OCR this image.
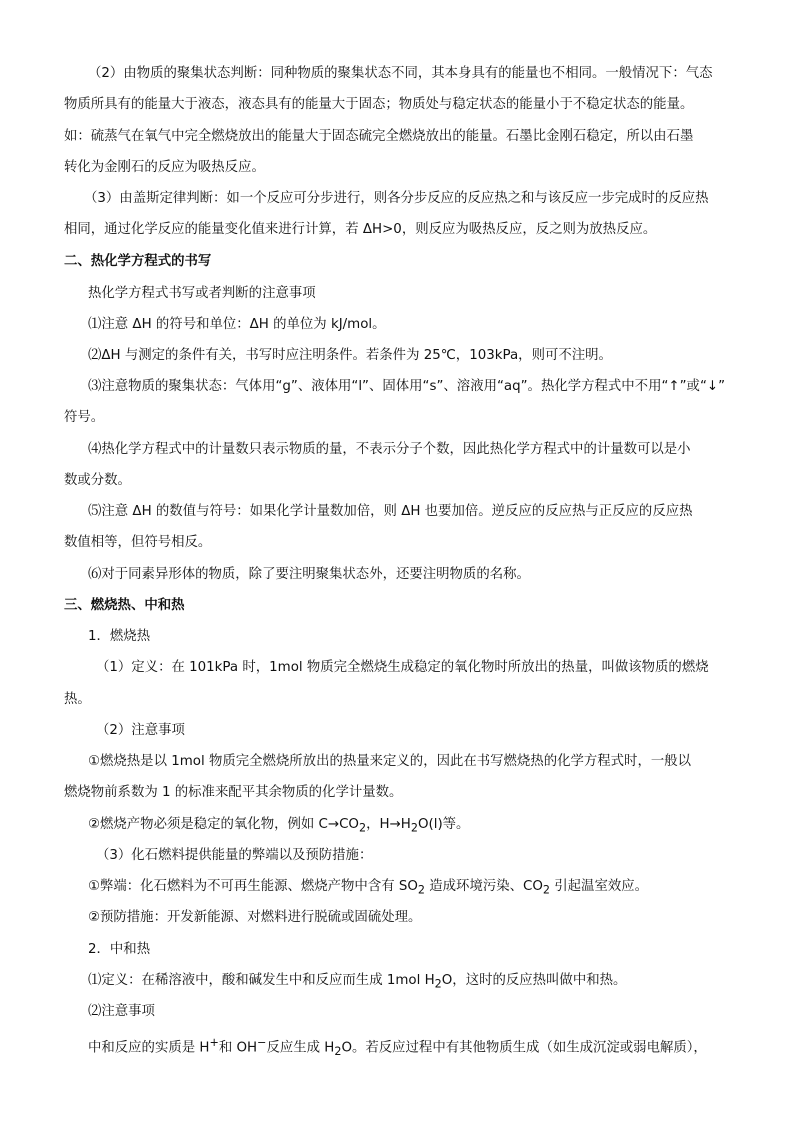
（2）由物质的聚集状态判断：同种物质的聚集状态不同，其本身具有的能量也不相同。一般情况下：气态
物质所具有的能量大于液态，液态具有的能量大于固态；物质处与稳定状态的能量小于不稳定状态的能量。
如：硫蒸气在氧气中完全燃烧放出的能量大于固态硫完全燃烧放出的能量。石墨比金刚石稳定，所以由石墨
转化为金刚石的反应为吸热反应。
（3）由盖斯定律判断：如一个反应可分步进行，则各分步反应的反应热之和与该反应一步完成时的反应热
相同，通过化学反应的能量变化值来进行计算，若 ΔH>0，则反应为吸热反应，反之则为放热反应。
二、热化学方程式的书写
热化学方程式书写或者判断的注意事项
⑴注意 ΔH 的符号和单位：ΔH 的单位为 kJ/mol。
⑵ΔH 与测定的条件有关，书写时应注明条件。若条件为 25℃，103kPa，则可不注明。
⑶注意物质的聚集状态：气体用“g”、液体用“l”、固体用“s”、溶液用“aq”。热化学方程式中不用“↑”或“↓”
符号。
⑷热化学方程式中的计量数只表示物质的量，不表示分子个数，因此热化学方程式中的计量数可以是小
数或分数。
⑸注意 ΔH 的数值与符号：如果化学计量数加倍，则 ΔH 也要加倍。逆反应的反应热与正反应的反应热
数值相等，但符号相反。
⑹对于同素异形体的物质，除了要注明聚集状态外，还要注明物质的名称。
三、燃烧热、中和热
1．燃烧热
（1）定义：在 101kPa 时，1mol 物质完全燃烧生成稳定的氧化物时所放出的热量，叫做该物质的燃烧
热。
（2）注意事项
①燃烧热是以 1mol 物质完全燃烧所放出的热量来定义的，因此在书写燃烧热的化学方程式时，一般以
燃烧物前系数为 1 的标准来配平其余物质的化学计量数。
②燃烧产物必须是稳定的氧化物，例如 $C\to CO_2$，$H\to H_2O(l)$等。
（3）化石燃料提供能量的弊端以及预防措施：
①弊端：化石燃料为不可再生能源、燃烧产物中含有 $SO_2$ 造成环境污染、$CO_2$ 引起温室效应。
②预防措施：开发新能源、对燃料进行脱硫或固硫处理。
2．中和热
⑴定义：在稀溶液中，酸和碱发生中和反应而生成 1mol $H_2O$，这时的反应热叫做中和热。
⑵注意事项
中和反应的实质是 H+和 OH−反应生成 $H_2O$。若反应过程中有其他物质生成（如生成沉淀或弱电解质），
